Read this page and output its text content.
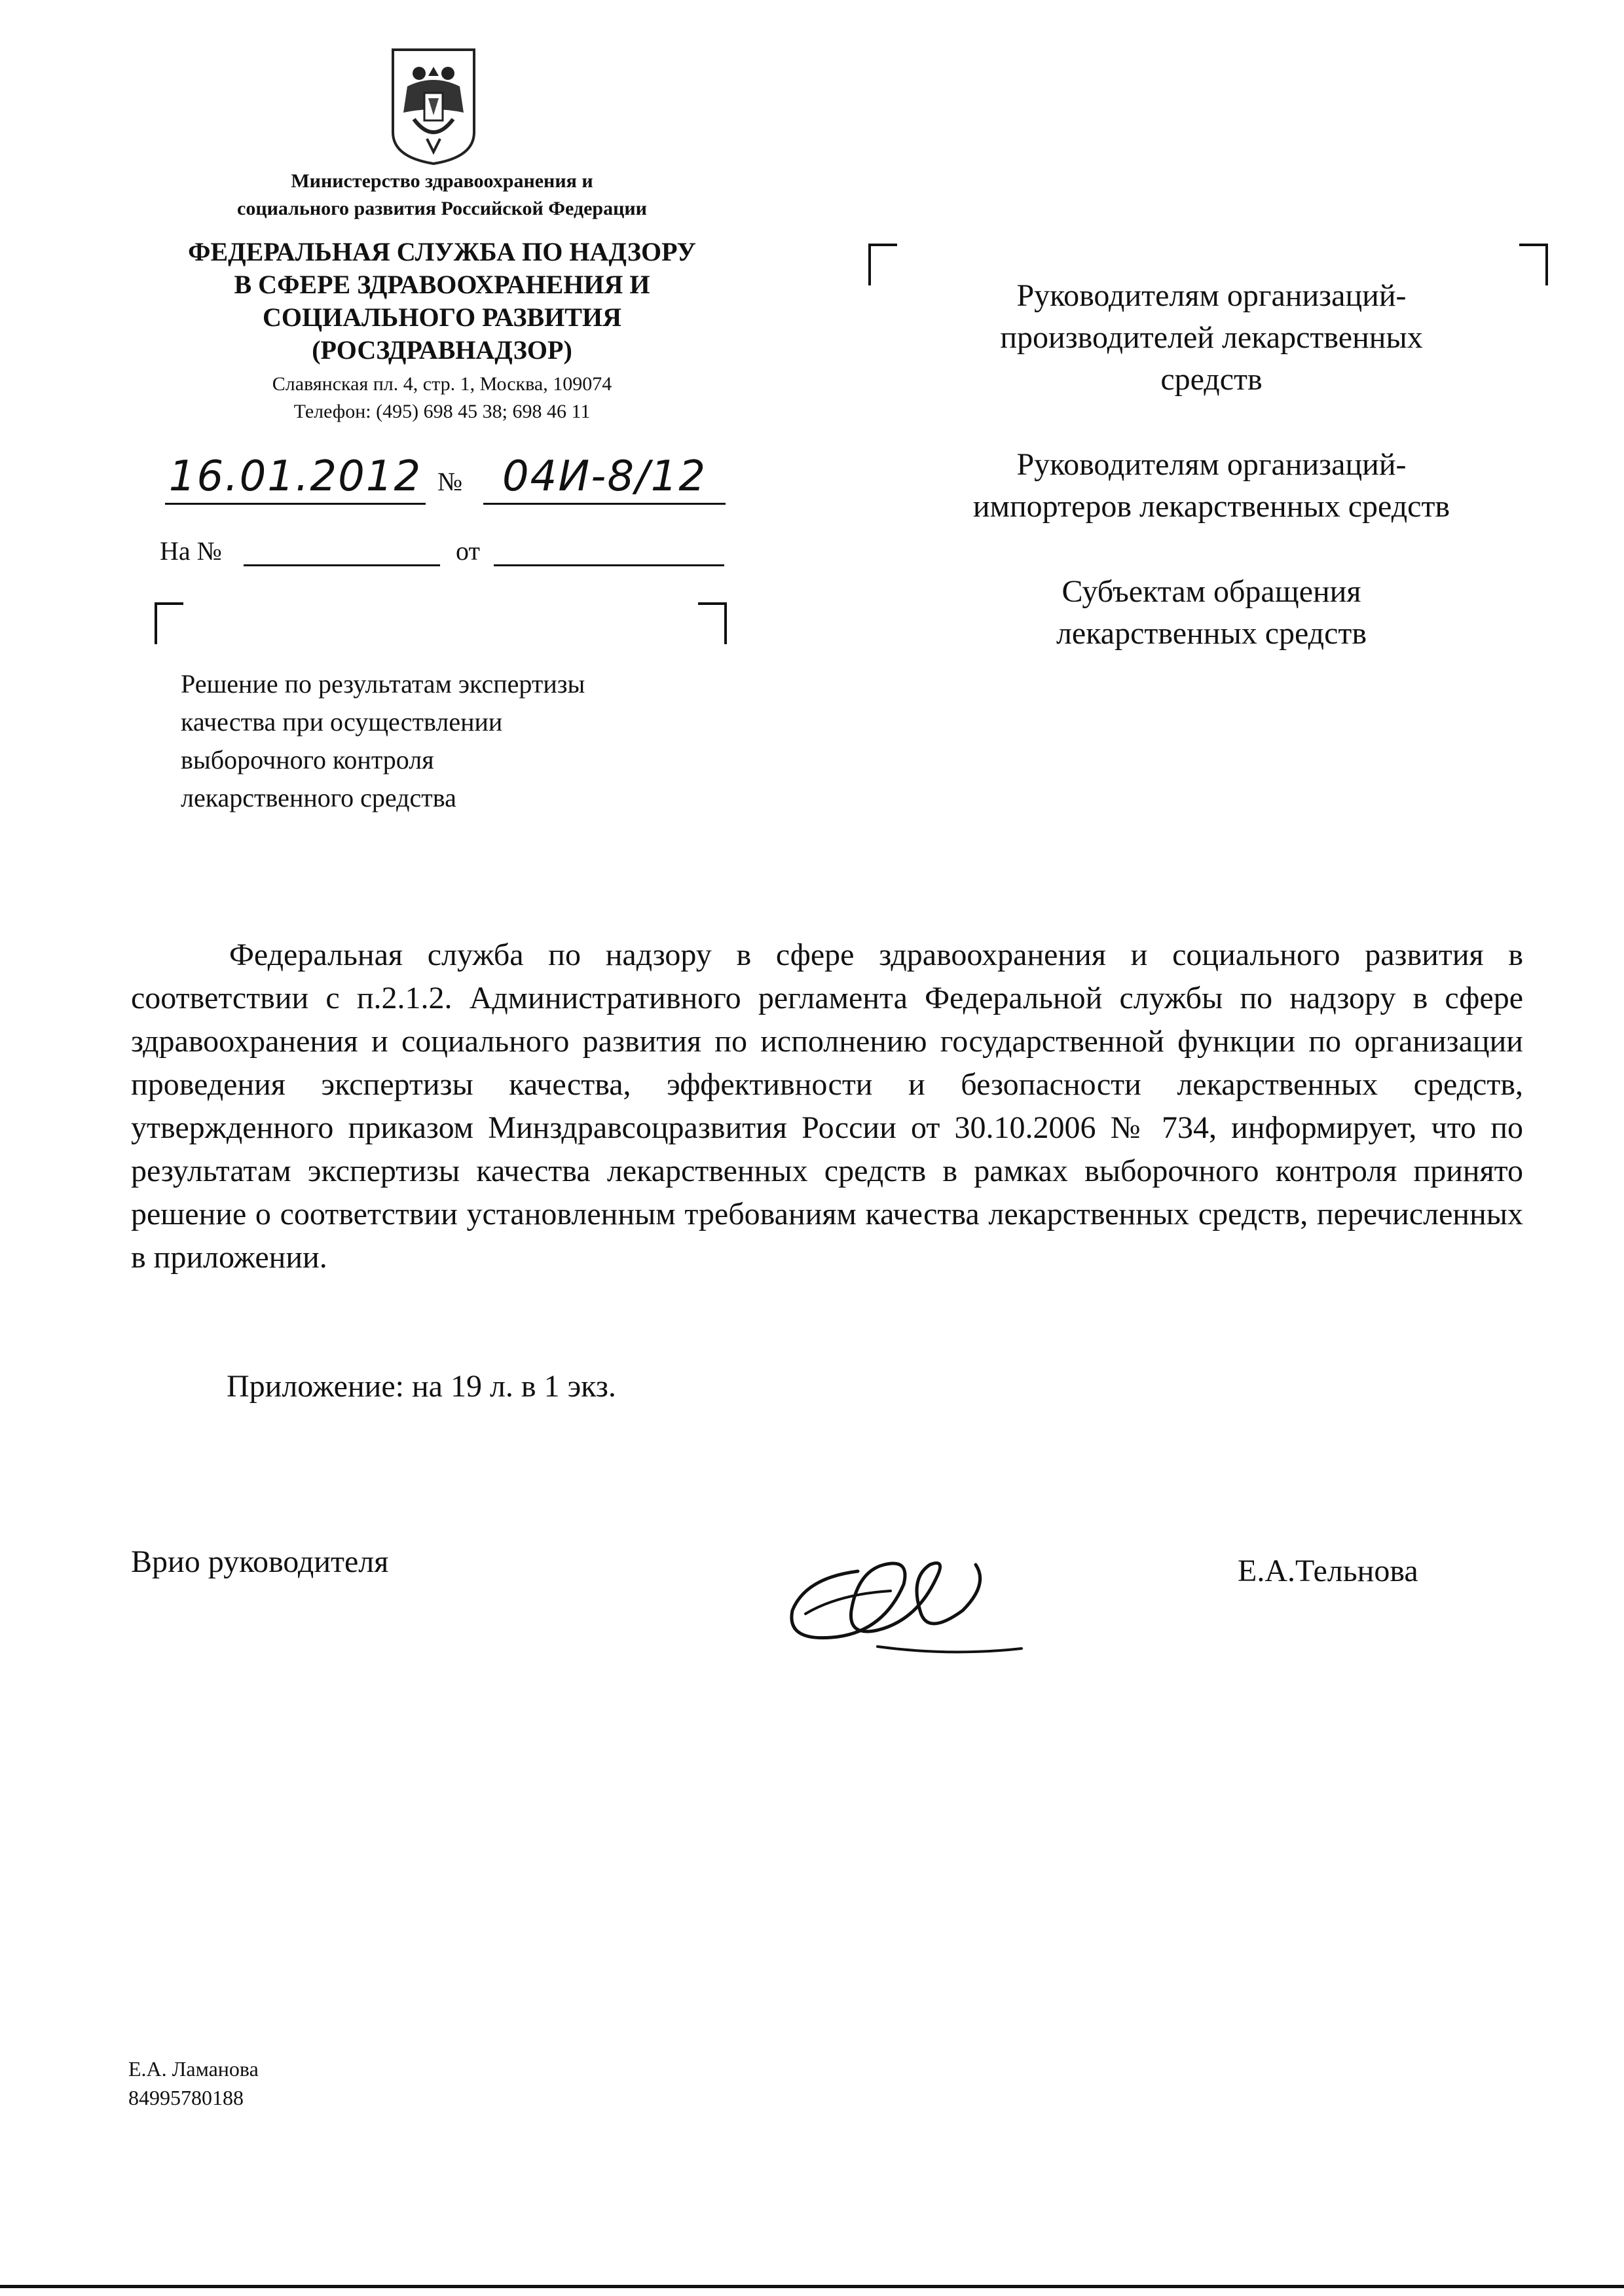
Министерство здравоохранения и
социального развития Российской Федерации
ФЕДЕРАЛЬНАЯ СЛУЖБА ПО НАДЗОРУ
В СФЕРЕ ЗДРАВООХРАНЕНИЯ И
СОЦИАЛЬНОГО РАЗВИТИЯ
(РОСЗДРАВНАДЗОР)
Славянская пл. 4, стр. 1, Москва, 109074
Телефон: (495) 698 45 38; 698 46 11
16.01.2012 № 04И-8/12
На №	от
Решение по результатам экспертизы
качества при осуществлении
выборочного контроля
лекарственного средства
Руководителям организаций-
производителей лекарственных
средств
Руководителям организаций-
импортеров лекарственных средств
Субъектам обращения
лекарственных средств

Федеральная служба по надзору в сфере здравоохранения и социального развития в соответствии с п.2.1.2. Административного регламента Федеральной службы по надзору в сфере здравоохранения и социального развития по исполнению государственной функции по организации проведения экспертизы качества, эффективности и безопасности лекарственных средств, утвержденного приказом Минздравсоцразвития России от 30.10.2006 № 734, информирует, что по результатам экспертизы качества лекарственных средств в рамках выборочного контроля принято решение о соответствии установленным требованиям качества лекарственных средств, перечисленных в приложении.

Приложение: на 19 л. в 1 экз.
Врио руководителя	Е.А.Тельнова
Е.А. Ламанова
84995780188
